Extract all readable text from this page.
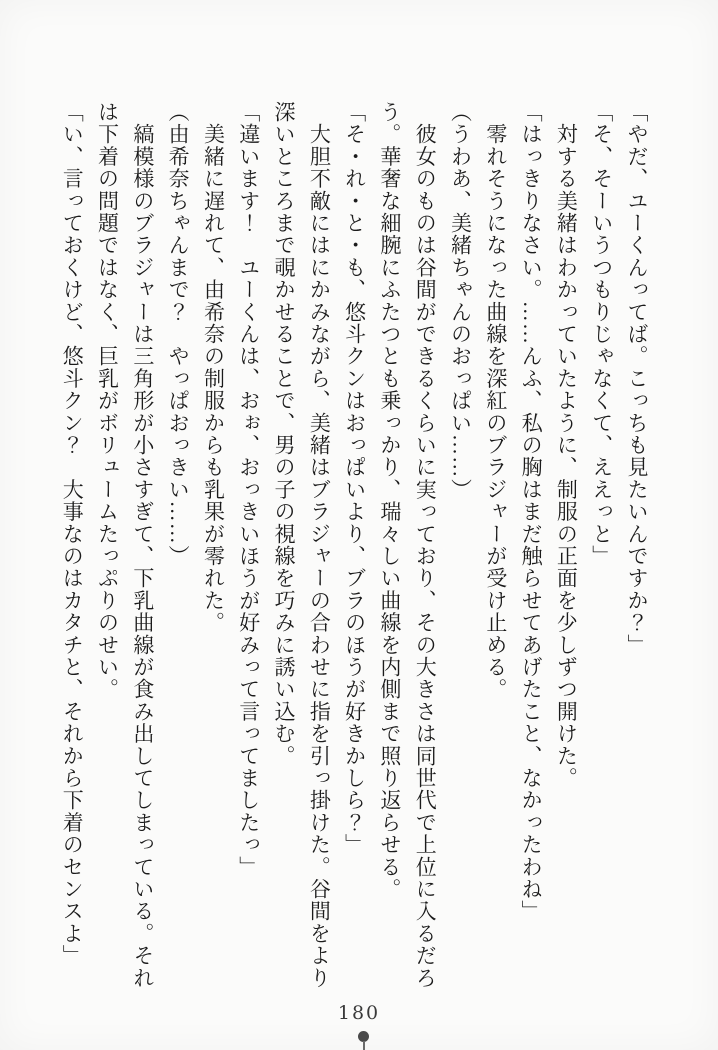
「やだ、ユーくんってば。こっちも見たいんですか？」

「そ、そーいうつもりじゃなくて、ええっと」

　対する美緒はわかっていたように、制服の正面を少しずつ開けた。

「はっきりなさい。……んふ、私の胸はまだ触らせてあげたこと、なかったわね」

　零れそうになった曲線を深紅のブラジャーが受け止める。

（うわあ、美緒ちゃんのおっぱい……）

　彼女のものは谷間ができるくらいに実っており、その大きさは同世代で上位に入るだろ

う。華奢な細腕にふたつとも乗っかり、瑞々しい曲線を内側まで照り返らせる。

「そ・れ・と・も、悠斗クンはおっぱいより、ブラのほうが好きかしら？」

　大胆不敵にはにかみながら、美緒はブラジャーの合わせに指を引っ掛けた。谷間をより

深いところまで覗かせることで、男の子の視線を巧みに誘い込む。

「違います！　ユーくんは、おぉ、おっきいほうが好みって言ってましたっ」

　美緒に遅れて、由希奈の制服からも乳果が零れた。

（由希奈ちゃんまで？　やっぱおっきい……）

　縞模様のブラジャーは三角形が小さすぎて、下乳曲線が食み出してしまっている。それ

は下着の問題ではなく、巨乳がボリュームたっぷりのせい。

「い、言っておくけど、悠斗クン？　大事なのはカタチと、それから下着のセンスよ」

180
